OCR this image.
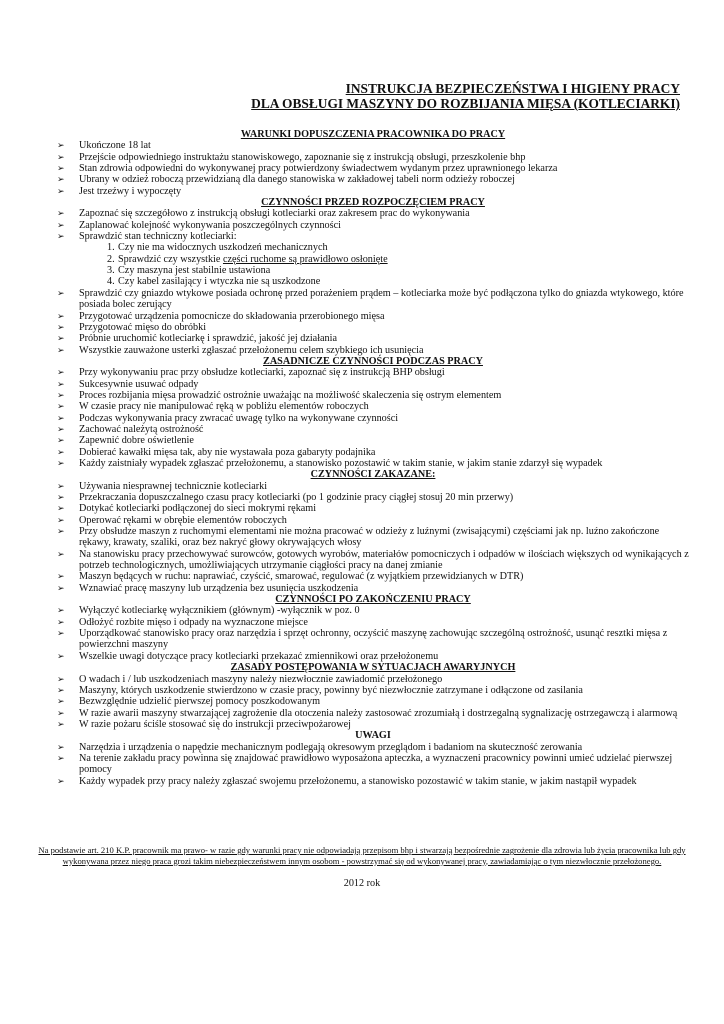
INSTRUKCJA BEZPIECZEŃSTWA I HIGIENY PRACY
DLA OBSŁUGI MASZYNY DO ROZBIJANIA MIĘSA (KOTLECIARKI)
WARUNKI DOPUSZCZENIA PRACOWNIKA DO PRACY
➢ Ukończone 18 lat
➢ Przejście odpowiedniego instruktażu stanowiskowego, zapoznanie się z instrukcją obsługi, przeszkolenie bhp
➢ Stan zdrowia odpowiedni do wykonywanej pracy potwierdzony świadectwem wydanym przez uprawnionego lekarza
➢ Ubrany w odzież roboczą przewidzianą dla danego stanowiska w zakładowej tabeli norm odzieży roboczej
➢ Jest trzeźwy i wypoczęty
CZYNNOŚCI PRZED ROZPOCZĘCIEM PRACY
➢ Zapoznać się szczegółowo z instrukcją obsługi kotleciarki oraz zakresem prac do wykonywania
➢ Zaplanować kolejność wykonywania poszczególnych czynności
➢ Sprawdzić stan techniczny kotleciarki:
1. Czy nie ma widocznych uszkodzeń mechanicznych
2. Sprawdzić czy wszystkie części ruchome są prawidłowo osłonięte
3. Czy maszyna jest stabilnie ustawiona
4. Czy kabel zasilający i wtyczka nie są uszkodzone
➢ Sprawdzić czy gniazdo wtykowe posiada ochronę przed porażeniem prądem – kotleciarka może być podłączona tylko do gniazda wtykowego, które posiada bolec zerujący
➢ Przygotować urządzenia pomocnicze do składowania przerobionego mięsa
➢ Przygotować mięso do obróbki
➢ Próbnie uruchomić kotleciarkę i sprawdzić, jakość jej działania
➢ Wszystkie zauważone usterki zgłaszać przełożonemu celem szybkiego ich usunięcia
ZASADNICZE CZYNNOŚCI PODCZAS PRACY
➢ Przy wykonywaniu prac przy obsłudze kotleciarki, zapoznać się z instrukcją BHP obsługi
➢ Sukcesywnie usuwać odpady
➢ Proces rozbijania mięsa prowadzić ostrożnie uważając na możliwość skaleczenia się ostrym elementem
➢ W czasie pracy nie manipulować ręką w pobliżu elementów roboczych
➢ Podczas wykonywania pracy zwracać uwagę tylko na wykonywane czynności
➢ Zachować należytą ostrożność
➢ Zapewnić dobre oświetlenie
➢ Dobierać kawałki mięsa tak, aby nie wystawała poza gabaryty podajnika
➢ Każdy zaistniały wypadek zgłaszać przełożonemu, a stanowisko pozostawić w takim stanie, w jakim stanie zdarzył się wypadek
CZYNNOŚCI ZAKAZANE:
➢ Używania niesprawnej technicznie kotleciarki
➢ Przekraczania dopuszczalnego czasu pracy kotleciarki (po 1 godzinie pracy ciągłej stosuj 20 min przerwy)
➢ Dotykać kotleciarki podłączonej do sieci mokrymi rękami
➢ Operować rękami w obrębie elementów roboczych
➢ Przy obsłudze maszyn z ruchomymi elementami nie można pracować w odzieży z luźnymi (zwisającymi) częściami jak np. luźno zakończone rękawy, krawaty, szaliki, oraz bez nakryć głowy okrywających włosy
➢ Na stanowisku pracy przechowywać surowców, gotowych wyrobów, materiałów pomocniczych i odpadów w ilościach większych od wynikających z potrzeb technologicznych, umożliwiających utrzymanie ciągłości pracy na danej zmianie
➢ Maszyn będących w ruchu: naprawiać, czyścić, smarować, regulować (z wyjątkiem przewidzianych w DTR)
➢ Wznawiać pracę maszyny lub urządzenia bez usunięcia uszkodzenia
CZYNNOŚCI PO ZAKOŃCZENIU PRACY
➢ Wyłączyć kotleciarkę wyłącznikiem (głównym) -wyłącznik w poz. 0
➢ Odłożyć rozbite mięso i odpady na wyznaczone miejsce
➢ Uporządkować stanowisko pracy oraz narzędzia i sprzęt ochronny, oczyścić maszynę zachowując szczególną ostrożność, usunąć resztki mięsa z powierzchni maszyny
➢ Wszelkie uwagi dotyczące pracy kotleciarki przekazać zmiennikowi oraz przełożonemu
ZASADY POSTĘPOWANIA W SYTUACJACH AWARYJNYCH
➢ O wadach i / lub uszkodzeniach maszyny należy niezwłocznie zawiadomić przełożonego
➢ Maszyny, których uszkodzenie stwierdzono w czasie pracy, powinny być niezwłocznie zatrzymane i odłączone od zasilania
➢ Bezwzględnie udzielić pierwszej pomocy poszkodowanym
➢ W razie awarii maszyny stwarzającej zagrożenie dla otoczenia należy zastosować zrozumiałą i dostrzegalną sygnalizację ostrzegawczą i alarmową
➢ W razie pożaru ściśle stosować się do instrukcji przeciwpożarowej
UWAGI
➢ Narzędzia i urządzenia o napędzie mechanicznym podlegają okresowym przeglądom i badaniom na skuteczność zerowania
➢ Na terenie zakładu pracy powinna się znajdować prawidłowo wyposażona apteczka, a wyznaczeni pracownicy powinni umieć udzielać pierwszej pomocy
➢ Każdy wypadek przy pracy należy zgłaszać swojemu przełożonemu, a stanowisko pozostawić w takim stanie, w jakim nastąpił wypadek
Na podstawie art. 210 K.P. pracownik ma prawo- w razie gdy warunki pracy nie odpowiadają przepisom bhp i stwarzają bezpośrednie zagrożenie dla zdrowia lub życia pracownika lub gdy wykonywana przez niego praca grozi takim niebezpieczeństwem innym osobom - powstrzymać się od wykonywanej pracy, zawiadamiając o tym niezwłocznie przełożonego.
2012 rok
